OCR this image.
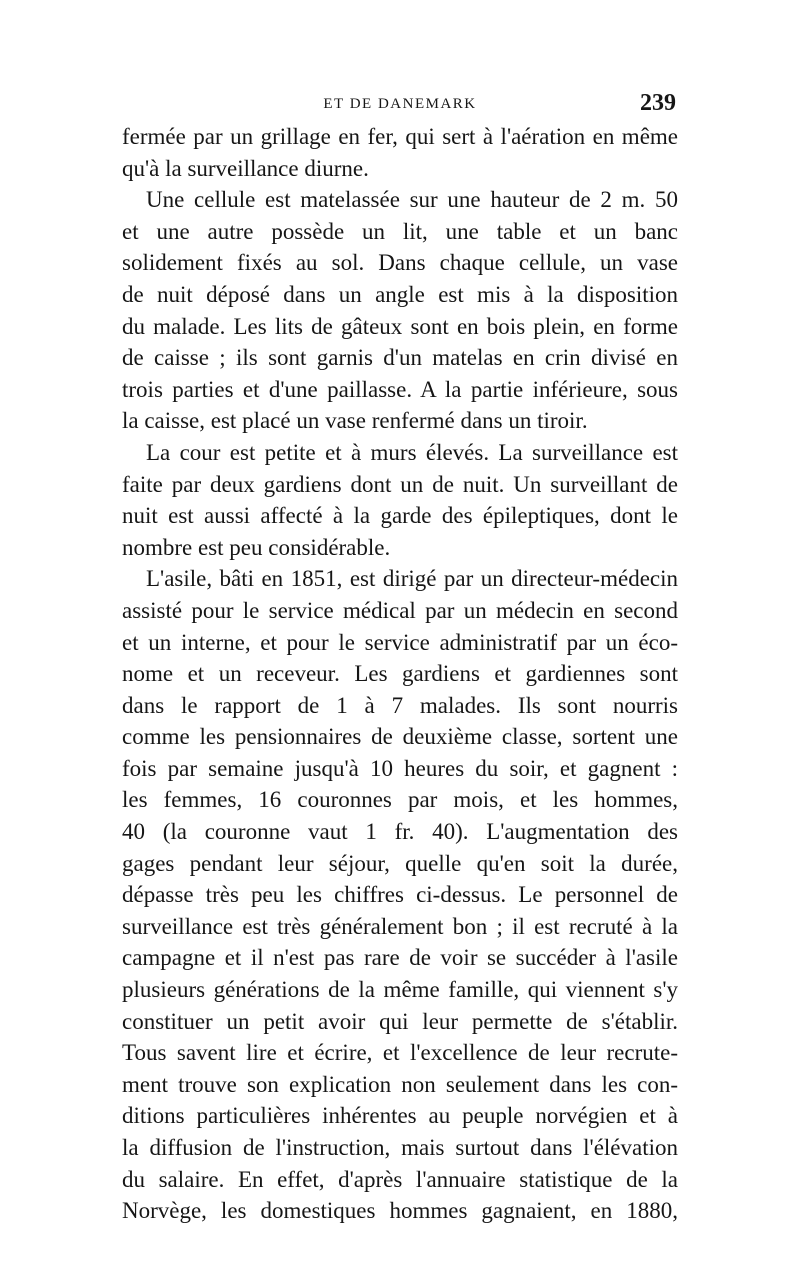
ET DE DANEMARK	239
fermée par un grillage en fer, qui sert à l'aération en même
qu'à la surveillance diurne.
Une cellule est matelassée sur une hauteur de 2 m. 50
et une autre possède un lit, une table et un banc
solidement fixés au sol. Dans chaque cellule, un vase
de nuit déposé dans un angle est mis à la disposition
du malade. Les lits de gâteux sont en bois plein, en forme
de caisse ; ils sont garnis d'un matelas en crin divisé en
trois parties et d'une paillasse. A la partie inférieure, sous
la caisse, est placé un vase renfermé dans un tiroir.
La cour est petite et à murs élevés. La surveillance est
faite par deux gardiens dont un de nuit. Un surveillant de
nuit est aussi affecté à la garde des épileptiques, dont le
nombre est peu considérable.
L'asile, bâti en 1851, est dirigé par un directeur-médecin
assisté pour le service médical par un médecin en second
et un interne, et pour le service administratif par un éco-
nome et un receveur. Les gardiens et gardiennes sont
dans le rapport de 1 à 7 malades. Ils sont nourris
comme les pensionnaires de deuxième classe, sortent une
fois par semaine jusqu'à 10 heures du soir, et gagnent :
les femmes, 16 couronnes par mois, et les hommes,
40 (la couronne vaut 1 fr. 40). L'augmentation des
gages pendant leur séjour, quelle qu'en soit la durée,
dépasse très peu les chiffres ci-dessus. Le personnel de
surveillance est très généralement bon ; il est recruté à la
campagne et il n'est pas rare de voir se succéder à l'asile
plusieurs générations de la même famille, qui viennent s'y
constituer un petit avoir qui leur permette de s'établir.
Tous savent lire et écrire, et l'excellence de leur recrute-
ment trouve son explication non seulement dans les con-
ditions particulières inhérentes au peuple norvégien et à
la diffusion de l'instruction, mais surtout dans l'élévation
du salaire. En effet, d'après l'annuaire statistique de la
Norvège, les domestiques hommes gagnaient, en 1880,
